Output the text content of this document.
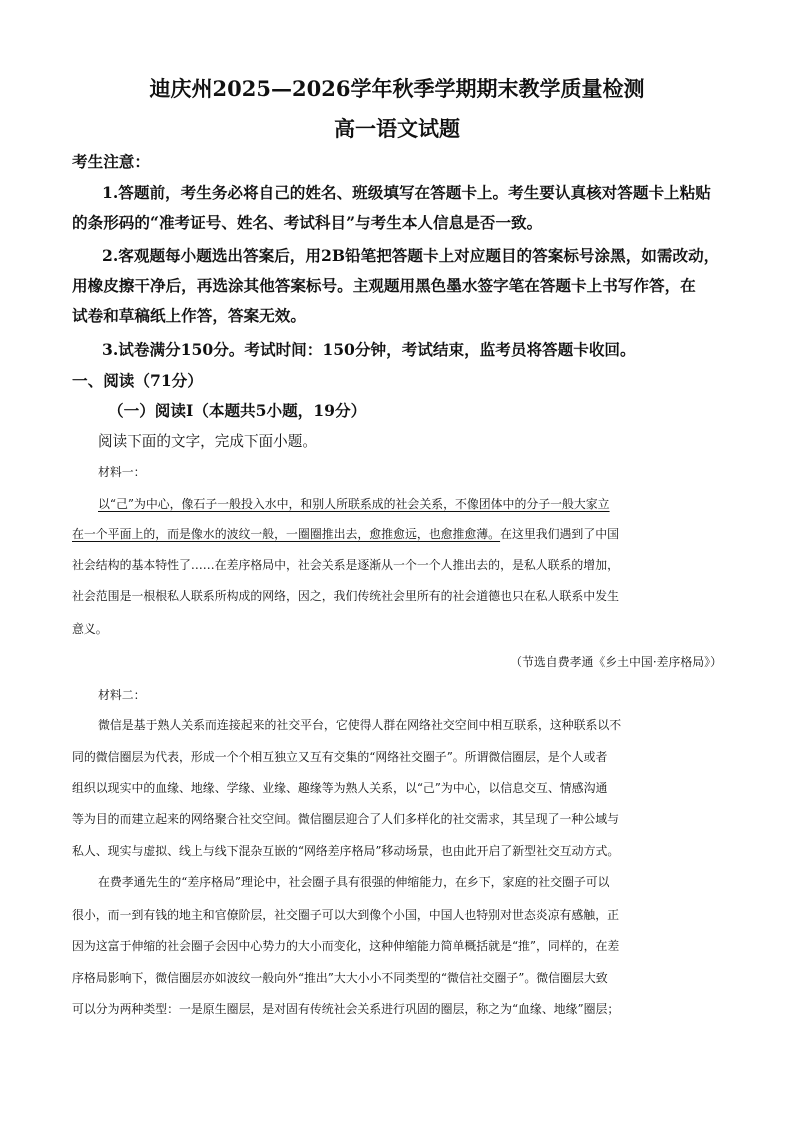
迪庆州2025—2026学年秋季学期期末教学质量检测
高一语文试题
考生注意：
1.答题前，考生务必将自己的姓名、班级填写在答题卡上。考生要认真核对答题卡上粘贴
的条形码的“准考证号、姓名、考试科目”与考生本人信息是否一致。
2.客观题每小题选出答案后，用2B铅笔把答题卡上对应题目的答案标号涂黑，如需改动，
用橡皮擦干净后，再选涂其他答案标号。主观题用黑色墨水签字笔在答题卡上书写作答，在
试卷和草稿纸上作答，答案无效。
3.试卷满分150分。考试时间：150分钟，考试结束，监考员将答题卡收回。
一、阅读（71分）
（一）阅读I（本题共5小题，19分）
阅读下面的文字，完成下面小题。
材料一：
以“己”为中心，像石子一般投入水中，和别人所联系成的社会关系，不像团体中的分子一般大家立
在一个平面上的，而是像水的波纹一般，一圈圈推出去，愈推愈远，也愈推愈薄。在这里我们遇到了中国
社会结构的基本特性了……在差序格局中，社会关系是逐渐从一个一个人推出去的，是私人联系的增加，
社会范围是一根根私人联系所构成的网络，因之，我们传统社会里所有的社会道德也只在私人联系中发生
意义。
（节选自费孝通《乡土中国·差序格局》）
材料二：
微信是基于熟人关系而连接起来的社交平台，它使得人群在网络社交空间中相互联系，这种联系以不
同的微信圈层为代表，形成一个个相互独立又互有交集的“网络社交圈子”。所谓微信圈层，是个人或者
组织以现实中的血缘、地缘、学缘、业缘、趣缘等为熟人关系，以“己”为中心，以信息交互、情感沟通
等为目的而建立起来的网络聚合社交空间。微信圈层迎合了人们多样化的社交需求，其呈现了一种公域与
私人、现实与虚拟、线上与线下混杂互嵌的“网络差序格局”移动场景，也由此开启了新型社交互动方式。
在费孝通先生的“差序格局”理论中，社会圈子具有很强的伸缩能力，在乡下，家庭的社交圈子可以
很小，而一到有钱的地主和官僚阶层，社交圈子可以大到像个小国，中国人也特别对世态炎凉有感触，正
因为这富于伸缩的社会圈子会因中心势力的大小而变化，这种伸缩能力简单概括就是“推”，同样的，在差
序格局影响下，微信圈层亦如波纹一般向外“推出”大大小小不同类型的“微信社交圈子”。微信圈层大致
可以分为两种类型：一是原生圈层，是对固有传统社会关系进行巩固的圈层，称之为“血缘、地缘”圈层；
